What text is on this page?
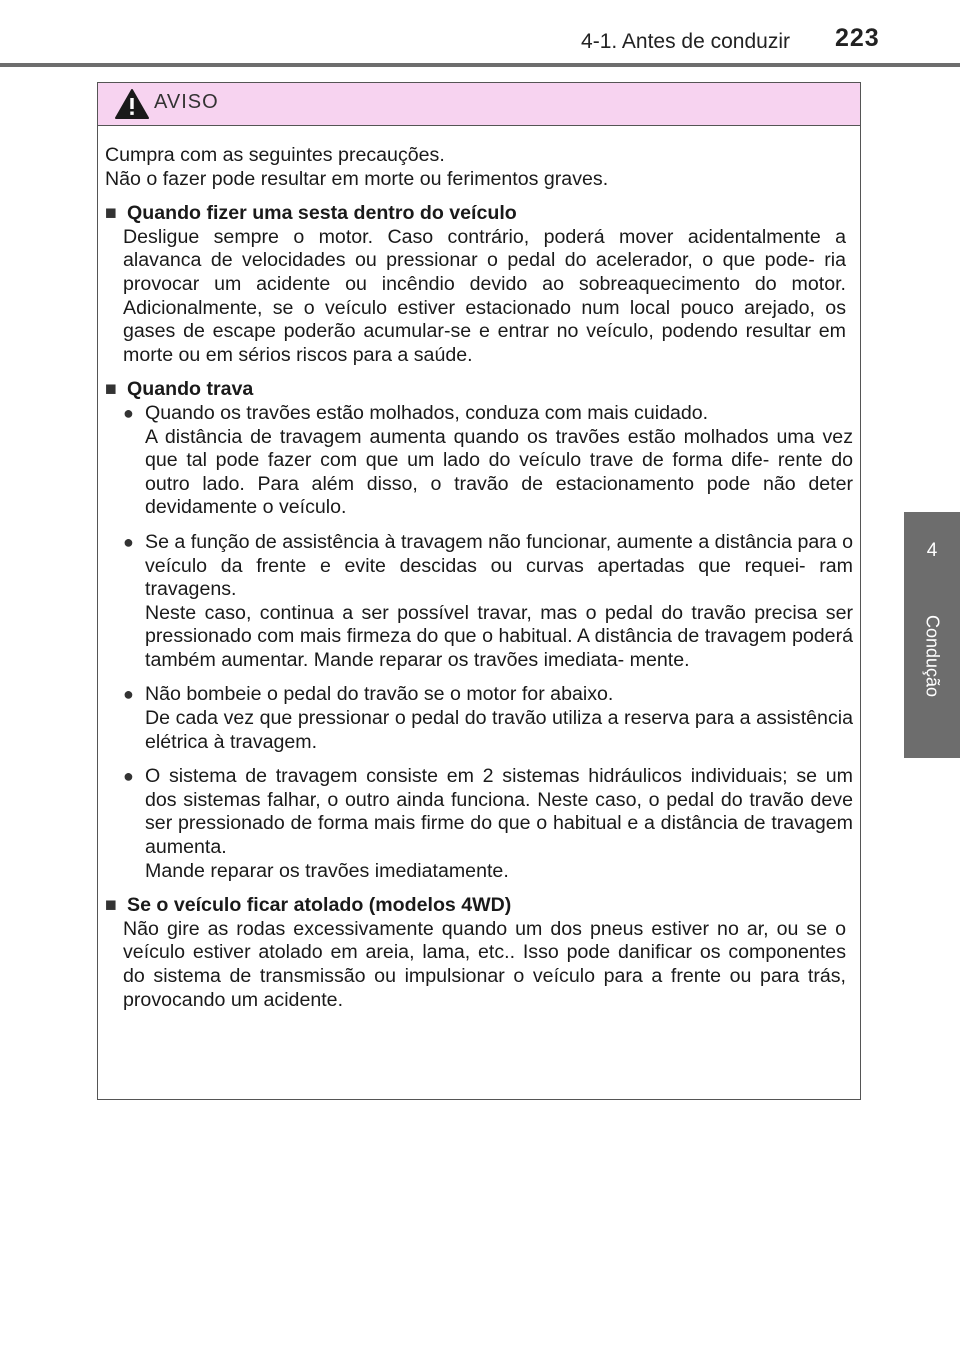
4-1. Antes de conduzir 223
4
Condução
AVISO

Cumpra com as seguintes precauções.

Não o fazer pode resultar em morte ou ferimentos graves.

■ Quando fizer uma sesta dentro do veículo

Desligue sempre o motor. Caso contrário, poderá mover acidentalmente a alavanca de velocidades ou pressionar o pedal do acelerador, o que pode- ria provocar um acidente ou incêndio devido ao sobreaquecimento do motor. Adicionalmente, se o veículo estiver estacionado num local pouco arejado, os gases de escape poderão acumular-se e entrar no veículo, podendo resultar em morte ou em sérios riscos para a saúde.

■ Quando trava
● Quando os travões estão molhados, conduza com mais cuidado.

A distância de travagem aumenta quando os travões estão molhados uma vez que tal pode fazer com que um lado do veículo trave de forma dife- rente do outro lado. Para além disso, o travão de estacionamento pode não deter devidamente o veículo.

● Se a função de assistência à travagem não funcionar, aumente a distância para o veículo da frente e evite descidas ou curvas apertadas que requei- ram travagens.

Neste caso, continua a ser possível travar, mas o pedal do travão precisa ser pressionado com mais firmeza do que o habitual. A distância de travagem poderá também aumentar. Mande reparar os travões imediata- mente.

● Não bombeie o pedal do travão se o motor for abaixo.

De cada vez que pressionar o pedal do travão utiliza a reserva para a assistência elétrica à travagem.

● O sistema de travagem consiste em 2 sistemas hidráulicos individuais; se um dos sistemas falhar, o outro ainda funciona. Neste caso, o pedal do travão deve ser pressionado de forma mais firme do que o habitual e a distância de travagem aumenta.

Mande reparar os travões imediatamente.

■ Se o veículo ficar atolado (modelos 4WD)

Não gire as rodas excessivamente quando um dos pneus estiver no ar, ou se o veículo estiver atolado em areia, lama, etc.. Isso pode danificar os componentes do sistema de transmissão ou impulsionar o veículo para a frente ou para trás, provocando um acidente.
